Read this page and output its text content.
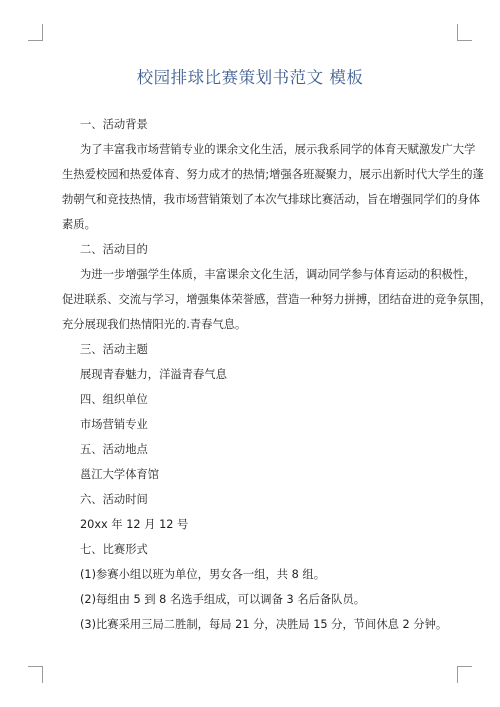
校园排球比赛策划书范文 模板
一、活动背景
为了丰富我市场营销专业的课余文化生活，展示我系同学的体育天赋激发广大学
生热爱校园和热爱体育、努力成才的热情;增强各班凝聚力，展示出新时代大学生的蓬
勃朝气和竞技热情，我市场营销策划了本次气排球比赛活动，旨在增强同学们的身体
素质。
二、活动目的
为进一步增强学生体质，丰富课余文化生活，调动同学参与体育运动的积极性，
促进联系、交流与学习，增强集体荣誉感，营造一种努力拼搏，团结奋进的竞争氛围，
充分展现我们热情阳光的.青春气息。
三、活动主题
展现青春魅力，洋溢青春气息
四、组织单位
市场营销专业
五、活动地点
邕江大学体育馆
六、活动时间
20xx 年 12 月 12 号
七、比赛形式
(1)参赛小组以班为单位，男女各一组，共 8 组。
(2)每组由 5 到 8 名选手组成，可以调备 3 名后备队员。
(3)比赛采用三局二胜制，每局 21 分，决胜局 15 分，节间休息 2 分钟。
